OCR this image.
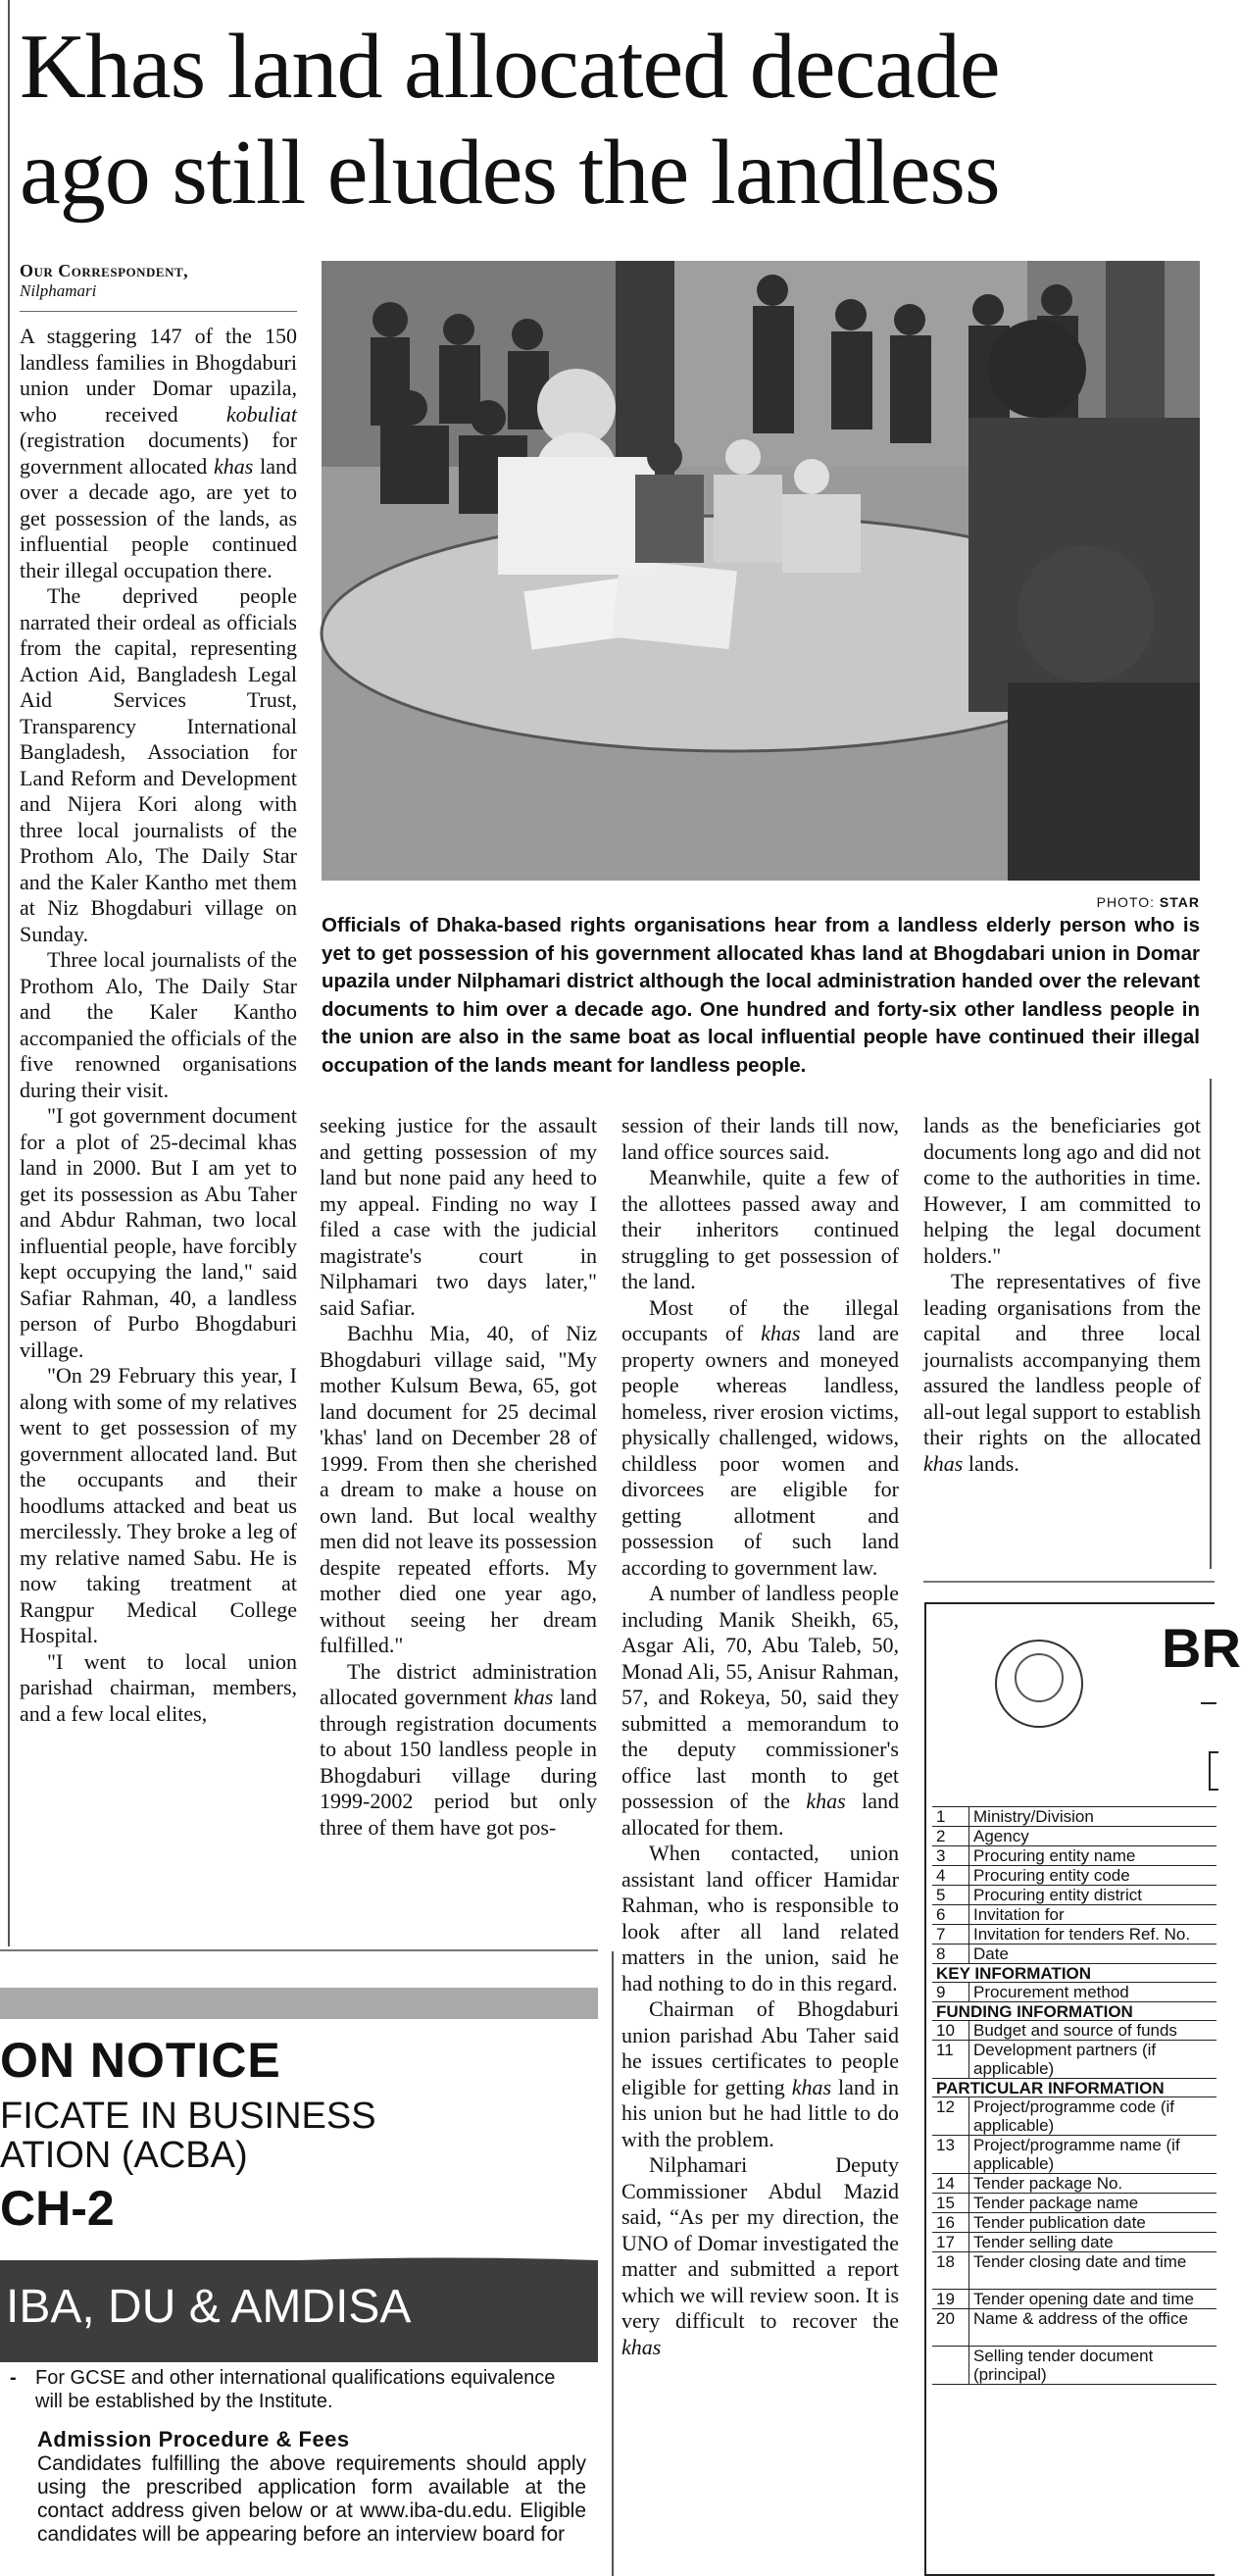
Khas land allocated decade
ago still eludes the landless
Our Correspondent,
Nilphamari
PHOTO: STAR
Officials of Dhaka-based rights organisations hear from a landless elderly person who is yet to get possession of his government allocated khas land at Bhogdabari union in Domar upazila under Nilphamari district although the local administration handed over the relevant documents to him over a decade ago. One hundred and forty-six other landless people in the union are also in the same boat as local influential people have continued their illegal occupation of the lands meant for landless people.

A staggering 147 of the 150 landless families in Bhogdaburi union under Domar upazila, who received kobuliat (registration documents) for government allocated khas land over a decade ago, are yet to get possession of the lands, as influential people continued their illegal occupation there.

The deprived people narrated their ordeal as officials from the capital, representing Action Aid, Bangladesh Legal Aid Services Trust, Transparency International Bangladesh, Association for Land Reform and Development and Nijera Kori along with three local journalists of the Prothom Alo, The Daily Star and the Kaler Kantho met them at Niz Bhogdaburi village on Sunday.

Three local journalists of the Prothom Alo, The Daily Star and the Kaler Kantho accompanied the officials of the five renowned organisations during their visit.

"I got government document for a plot of 25-decimal khas land in 2000. But I am yet to get its possession as Abu Taher and Abdur Rahman, two local influential people, have forcibly kept occupying the land," said Safiar Rahman, 40, a landless person of Purbo Bhogdaburi village.

"On 29 February this year, I along with some of my relatives went to get possession of my government allocated land. But the occupants and their hoodlums attacked and beat us mercilessly. They broke a leg of my relative named Sabu. He is now taking treatment at Rangpur Medical College Hospital.

"I went to local union parishad chairman, members, and a few local elites,

seeking justice for the assault and getting possession of my land but none paid any heed to my appeal. Finding no way I filed a case with the judicial magistrate's court in Nilphamari two days later," said Safiar.

Bachhu Mia, 40, of Niz Bhogdaburi village said, "My mother Kulsum Bewa, 65, got land document for 25 decimal 'khas' land on December 28 of 1999. From then she cherished a dream to make a house on own land. But local wealthy men did not leave its possession despite repeated efforts. My mother died one year ago, without seeing her dream fulfilled."

The district administration allocated government khas land through registration documents to about 150 landless people in Bhogdaburi village during 1999-2002 period but only three of them have got pos-

session of their lands till now, land office sources said.

Meanwhile, quite a few of the allottees passed away and their inheritors continued struggling to get possession of the land.

Most of the illegal occupants of khas land are property owners and moneyed people whereas landless, homeless, river erosion victims, physically challenged, widows, childless poor women and divorcees are eligible for getting allotment and possession of such land according to government law.

A number of landless people including Manik Sheikh, 65, Asgar Ali, 70, Abu Taleb, 50, Monad Ali, 55, Anisur Rahman, 57, and Rokeya, 50, said they submitted a memorandum to the deputy commissioner's office last month to get possession of the khas land allocated for them.

When contacted, union assistant land officer Hamidar Rahman, who is responsible to look after all land related matters in the union, said he had nothing to do in this regard.

Chairman of Bhogdaburi union parishad Abu Taher said he issues certificates to people eligible for getting khas land in his union but he had little to do with the problem.

Nilphamari Deputy Commissioner Abdul Mazid said, “As per my direction, the UNO of Domar investigated the matter and submitted a report which we will review soon. It is very difficult to recover the khas

lands as the beneficiaries got documents long ago and did not come to the authorities in time. However, I am committed to helping the legal document holders."

The representatives of five leading organisations from the capital and three local journalists accompanying them assured the landless people of all-out legal support to establish their rights on the allocated khas lands.

ON NOTICE
FICATE IN BUSINESS
ATION (ACBA)
CH-2
IBA, DU & AMDISA
- For GCSE and other international qualifications equivalence will be established by the Institute.
Admission Procedure & Fees
Candidates fulfilling the above requirements should apply using the prescribed application form available at the contact address given below or at www.iba-du.edu. Eligible candidates will be appearing before an interview board for
BR
1	Ministry/Division
2	Agency
3	Procuring entity name
4	Procuring entity code
5	Procuring entity district
6	Invitation for
7	Invitation for tenders Ref. No.
8	Date
KEY INFORMATION
9	Procurement method
FUNDING INFORMATION
10	Budget and source of funds
11	Development partners (if applicable)
PARTICULAR INFORMATION
12	Project/programme code (if applicable)
13	Project/programme name (if applicable)
14	Tender package No.
15	Tender package name
16	Tender publication date
17	Tender selling date
18	Tender closing date and time
19	Tender opening date and time
20	Name & address of the office
Selling tender document (principal)
